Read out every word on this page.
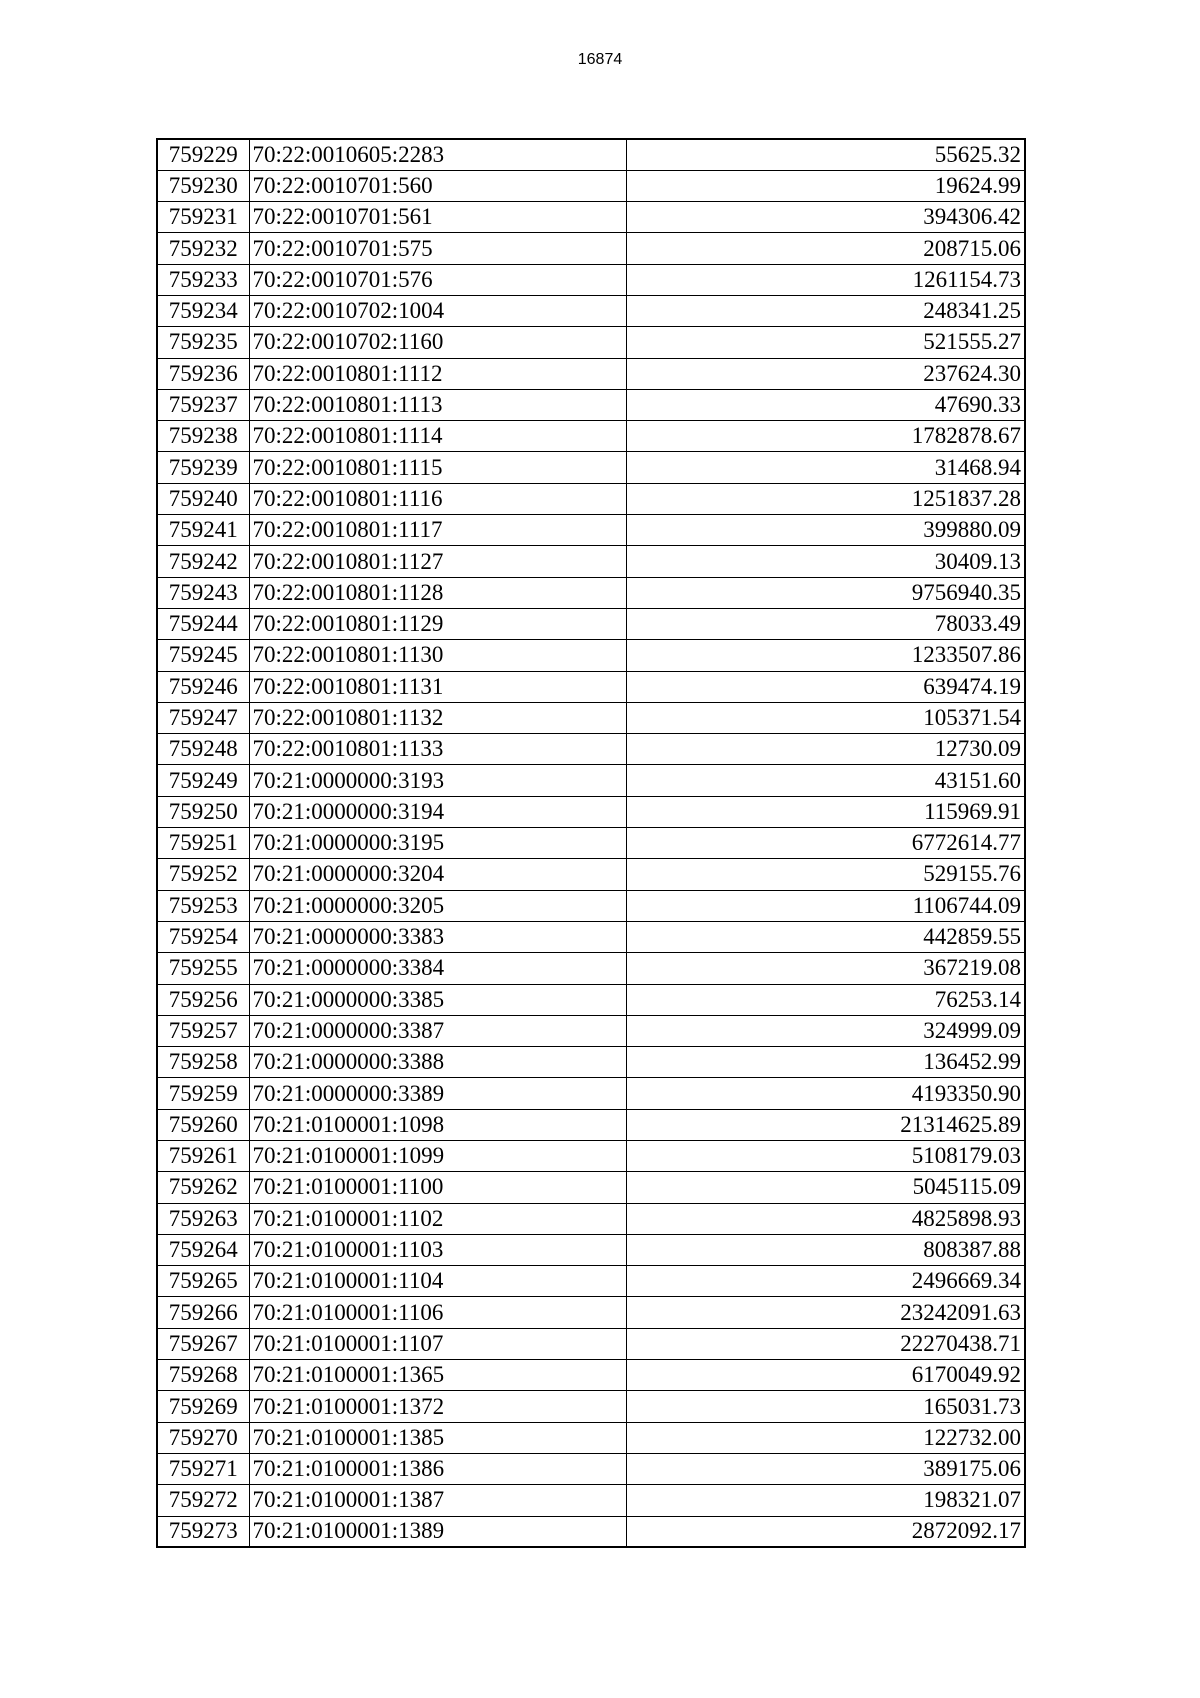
16874
759229	70:22:0010605:2283	55625.32
759230	70:22:0010701:560	19624.99
759231	70:22:0010701:561	394306.42
759232	70:22:0010701:575	208715.06
759233	70:22:0010701:576	1261154.73
759234	70:22:0010702:1004	248341.25
759235	70:22:0010702:1160	521555.27
759236	70:22:0010801:1112	237624.30
759237	70:22:0010801:1113	47690.33
759238	70:22:0010801:1114	1782878.67
759239	70:22:0010801:1115	31468.94
759240	70:22:0010801:1116	1251837.28
759241	70:22:0010801:1117	399880.09
759242	70:22:0010801:1127	30409.13
759243	70:22:0010801:1128	9756940.35
759244	70:22:0010801:1129	78033.49
759245	70:22:0010801:1130	1233507.86
759246	70:22:0010801:1131	639474.19
759247	70:22:0010801:1132	105371.54
759248	70:22:0010801:1133	12730.09
759249	70:21:0000000:3193	43151.60
759250	70:21:0000000:3194	115969.91
759251	70:21:0000000:3195	6772614.77
759252	70:21:0000000:3204	529155.76
759253	70:21:0000000:3205	1106744.09
759254	70:21:0000000:3383	442859.55
759255	70:21:0000000:3384	367219.08
759256	70:21:0000000:3385	76253.14
759257	70:21:0000000:3387	324999.09
759258	70:21:0000000:3388	136452.99
759259	70:21:0000000:3389	4193350.90
759260	70:21:0100001:1098	21314625.89
759261	70:21:0100001:1099	5108179.03
759262	70:21:0100001:1100	5045115.09
759263	70:21:0100001:1102	4825898.93
759264	70:21:0100001:1103	808387.88
759265	70:21:0100001:1104	2496669.34
759266	70:21:0100001:1106	23242091.63
759267	70:21:0100001:1107	22270438.71
759268	70:21:0100001:1365	6170049.92
759269	70:21:0100001:1372	165031.73
759270	70:21:0100001:1385	122732.00
759271	70:21:0100001:1386	389175.06
759272	70:21:0100001:1387	198321.07
759273	70:21:0100001:1389	2872092.17
